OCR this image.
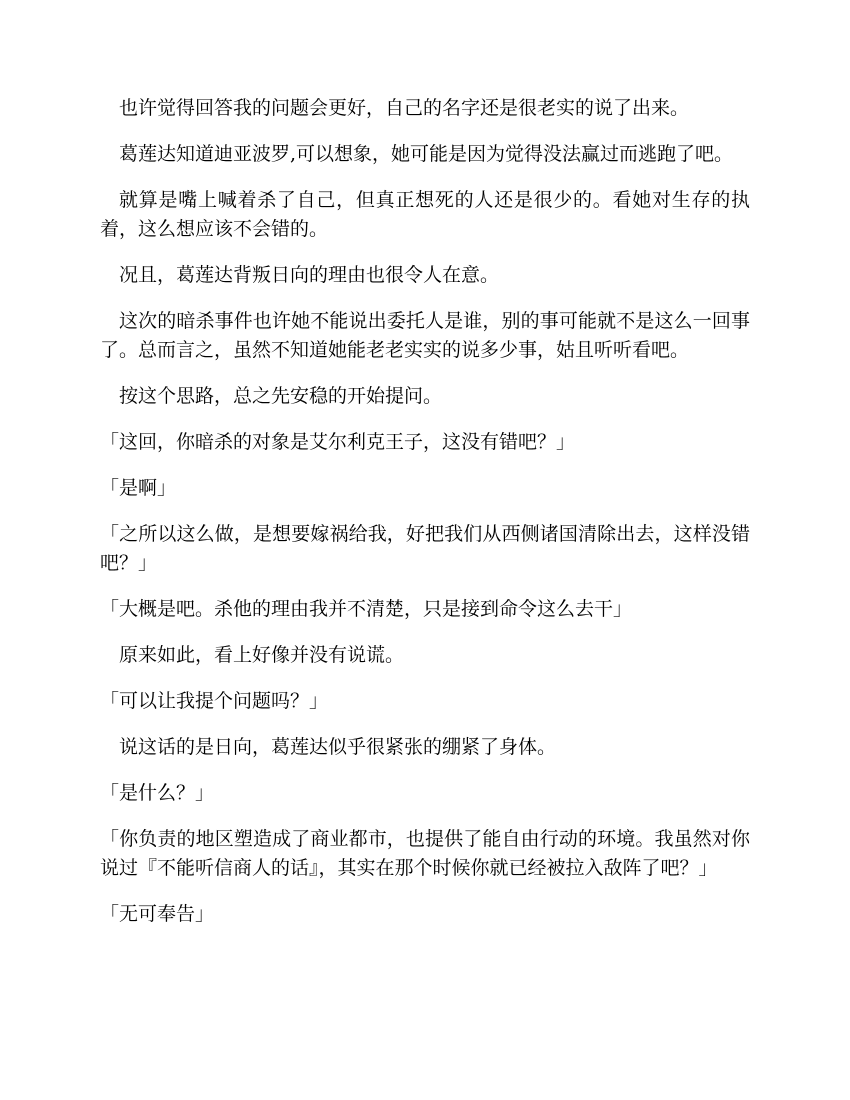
也许觉得回答我的问题会更好，自己的名字还是很老实的说了出来。

葛莲达知道迪亚波罗,可以想象，她可能是因为觉得没法赢过而逃跑了吧。

就算是嘴上喊着杀了自己，但真正想死的人还是很少的。看她对生存的执着，这么想应该不会错的。

况且，葛莲达背叛日向的理由也很令人在意。

这次的暗杀事件也许她不能说出委托人是谁，别的事可能就不是这么一回事了。总而言之，虽然不知道她能老老实实的说多少事，姑且听听看吧。

按这个思路，总之先安稳的开始提问。

「这回，你暗杀的对象是艾尔利克王子，这没有错吧？」

「是啊」

「之所以这么做，是想要嫁祸给我，好把我们从西侧诸国清除出去，这样没错吧？」

「大概是吧。杀他的理由我并不清楚，只是接到命令这么去干」

原来如此，看上好像并没有说谎。

「可以让我提个问题吗？」

说这话的是日向，葛莲达似乎很紧张的绷紧了身体。

「是什么？」

「你负责的地区塑造成了商业都市，也提供了能自由行动的环境。我虽然对你说过『不能听信商人的话』，其实在那个时候你就已经被拉入敌阵了吧？」

「无可奉告」
